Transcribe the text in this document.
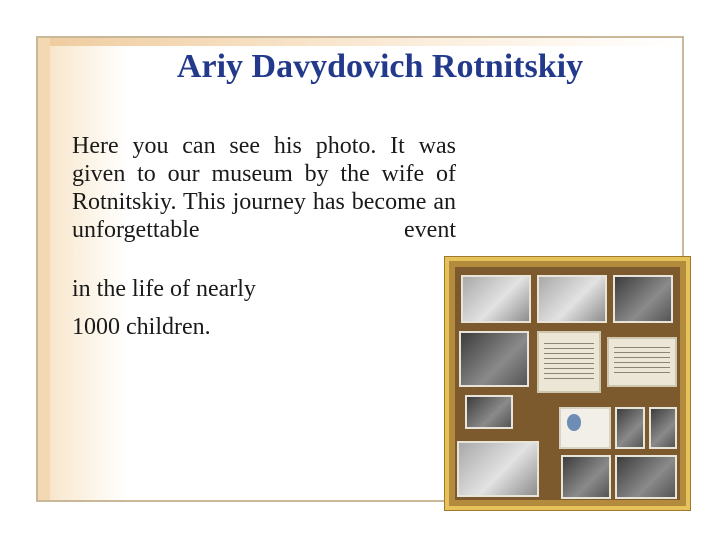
Ariy Davydovich Rotnitskiy

Here you can see his photo. It was given to our museum by the wife of Rotnitskiy. This journey has become an unforgettable event

in the life of nearly

1000 children.
